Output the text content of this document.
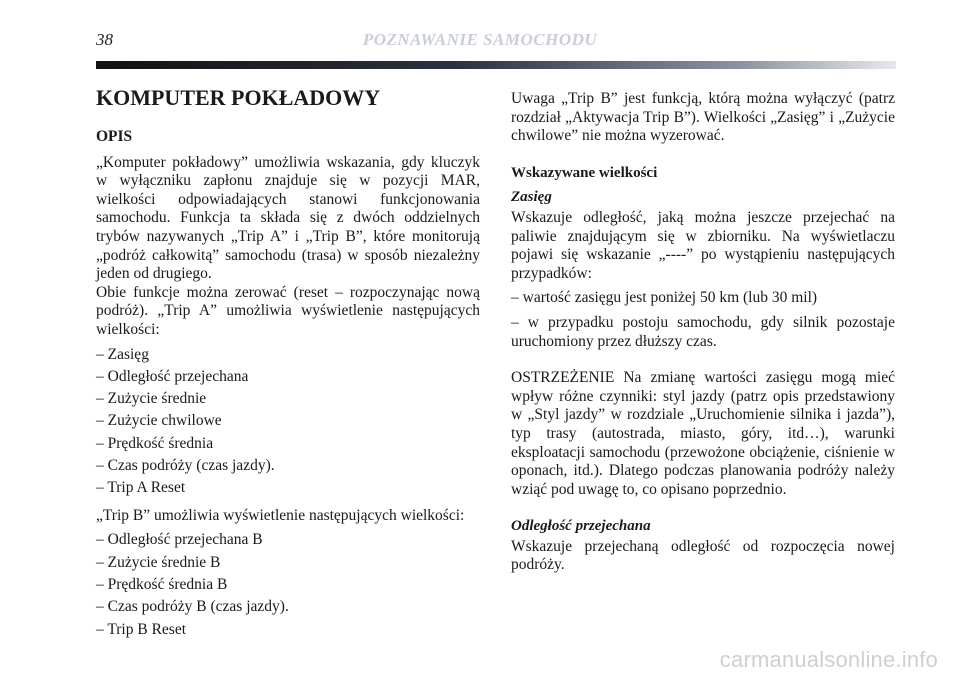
38	POZNAWANIE SAMOCHODU
KOMPUTER POKŁADOWY
OPIS

„Komputer pokładowy” umożliwia wskazania, gdy kluczyk w wyłączniku zapłonu znajduje się w pozycji MAR, wielkości odpowiadających stanowi funkcjonowania samochodu. Funkcja ta składa się z dwóch oddzielnych trybów nazywanych „Trip A” i „Trip B”, które monitorują „podróż całkowitą” samochodu (trasa) w sposób niezależny jeden od drugiego.

Obie funkcje można zerować (reset – rozpoczynając nową podróż). „Trip A” umożliwia wyświetlenie następujących wielkości:

– Zasięg
– Odległość przejechana
– Zużycie średnie
– Zużycie chwilowe
– Prędkość średnia
– Czas podróży (czas jazdy).
– Trip A Reset

„Trip B” umożliwia wyświetlenie następujących wielkości:

– Odległość przejechana B
– Zużycie średnie B
– Prędkość średnia B
– Czas podróży B (czas jazdy).
– Trip B Reset

Uwaga „Trip B” jest funkcją, którą można wyłączyć (patrz rozdział „Aktywacja Trip B”). Wielkości „Zasięg” i „Zużycie chwilowe” nie można wyzerować.

Wskazywane wielkości
Zasięg

Wskazuje odległość, jaką można jeszcze przejechać na paliwie znajdującym się w zbiorniku. Na wyświetlaczu pojawi się wskazanie „----” po wystąpieniu następujących przypadków:

– wartość zasięgu jest poniżej 50 km (lub 30 mil)

– w przypadku postoju samochodu, gdy silnik pozostaje uruchomiony przez dłuższy czas.

OSTRZEŻENIE Na zmianę wartości zasięgu mogą mieć wpływ różne czynniki: styl jazdy (patrz opis przedstawiony w „Styl jazdy” w rozdziale „Uruchomienie silnika i jazda”), typ trasy (autostrada, miasto, góry, itd…), warunki eksploatacji samochodu (przewożone obciążenie, ciśnienie w oponach, itd.). Dlatego podczas planowania podróży należy wziąć pod uwagę to, co opisano poprzednio.

Odległość przejechana

Wskazuje przejechaną odległość od rozpoczęcia nowej podróży.

carmanualsonline.info
